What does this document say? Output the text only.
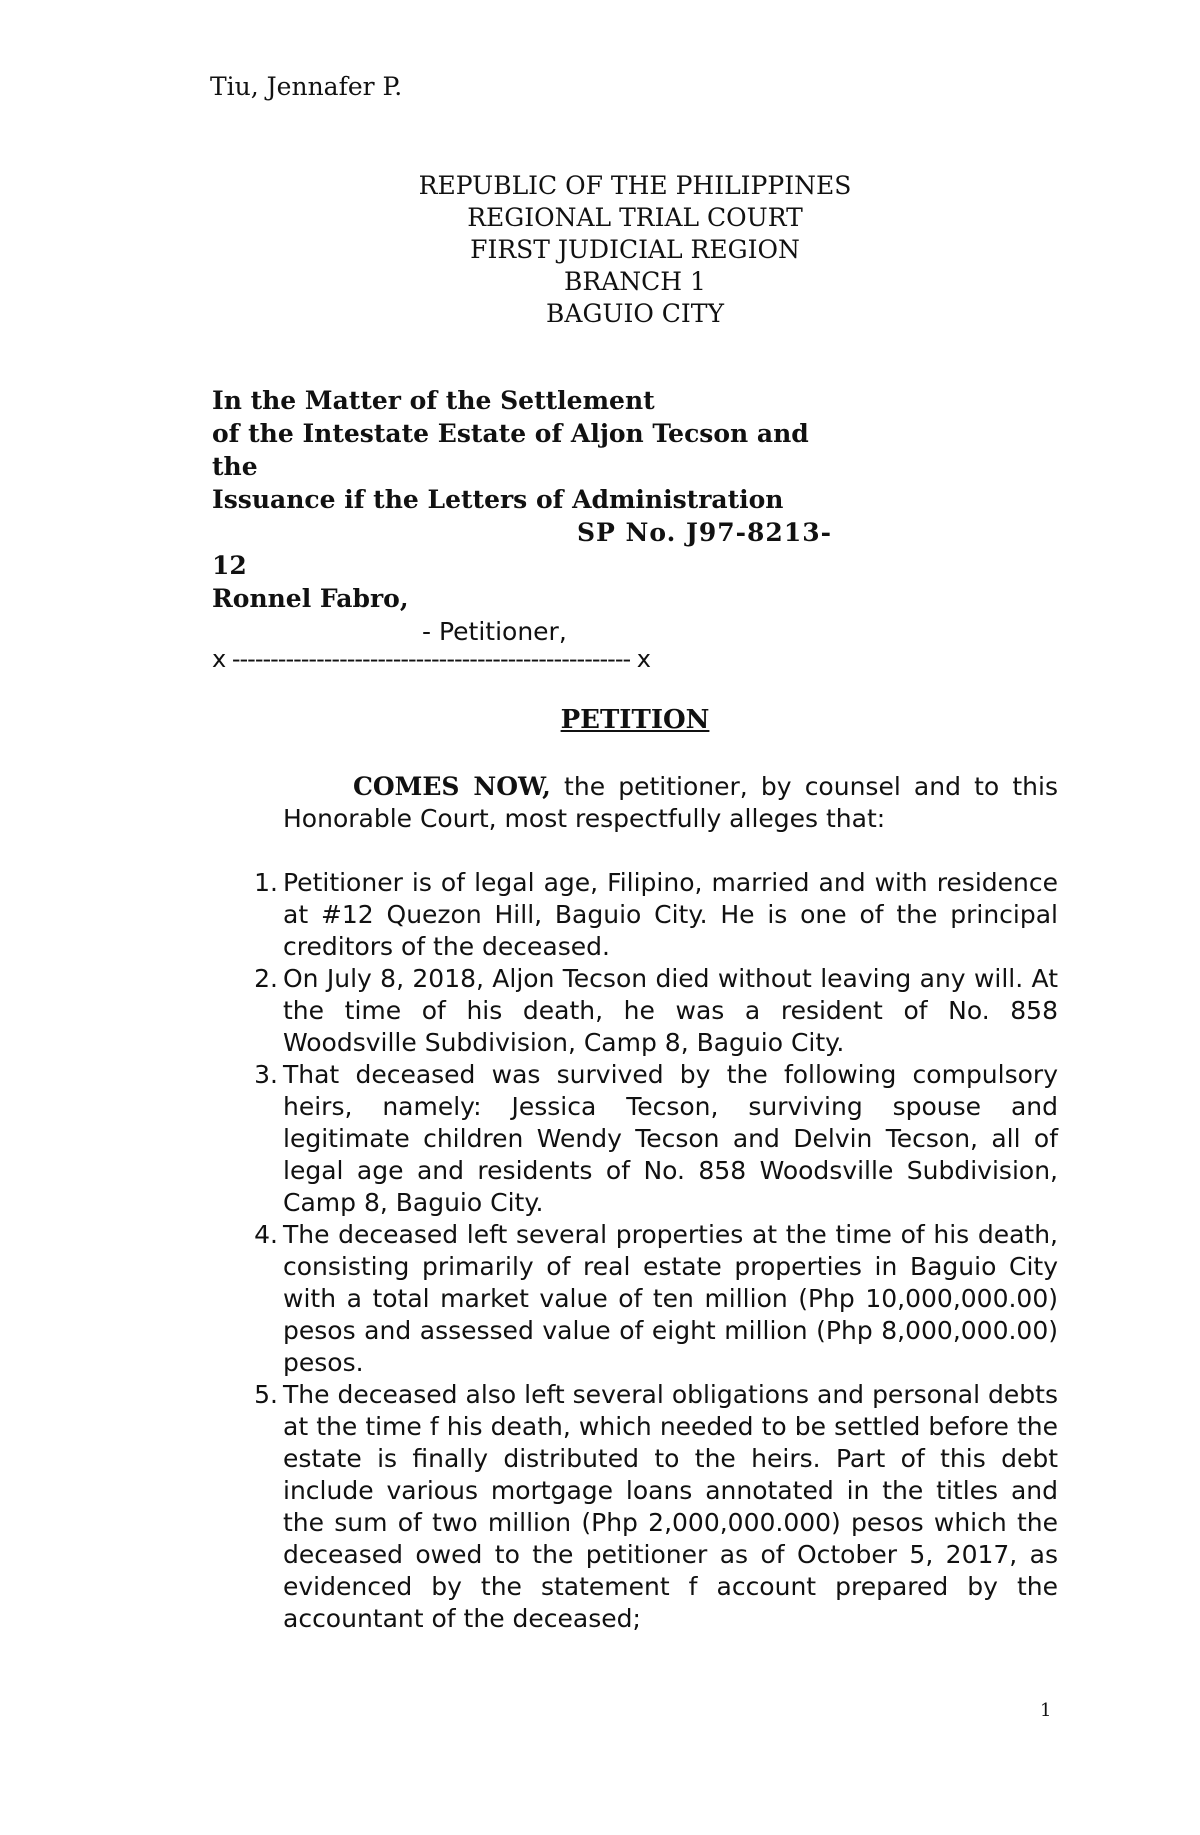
Tiu, Jennafer P.
REPUBLIC OF THE PHILIPPINES
REGIONAL TRIAL COURT
FIRST JUDICIAL REGION
BRANCH 1
BAGUIO CITY
In the Matter of the Settlement
of the Intestate Estate of Aljon Tecson and the
Issuance if the Letters of Administration
SP No. J97-8213-
12
Ronnel Fabro,
- Petitioner,
x ---------------------------------------------------- x
PETITION
COMES NOW, the petitioner, by counsel and to this Honorable Court, most respectfully alleges that:
1. Petitioner is of legal age, Filipino, married and with residence at #12 Quezon Hill, Baguio City. He is one of the principal creditors of the deceased.
2. On July 8, 2018, Aljon Tecson died without leaving any will. At the time of his death, he was a resident of No. 858 Woodsville Subdivision, Camp 8, Baguio City.
3. That deceased was survived by the following compulsory heirs, namely: Jessica Tecson, surviving spouse and legitimate children Wendy Tecson and Delvin Tecson, all of legal age and residents of No. 858 Woodsville Subdivision, Camp 8, Baguio City.
4. The deceased left several properties at the time of his death, consisting primarily of real estate properties in Baguio City with a total market value of ten million (Php 10,000,000.00) pesos and assessed value of eight million (Php 8,000,000.00) pesos.
5. The deceased also left several obligations and personal debts at the time f his death, which needed to be settled before the estate is finally distributed to the heirs. Part of this debt include various mortgage loans annotated in the titles and the sum of two million (Php 2,000,000.000) pesos which the deceased owed to the petitioner as of October 5, 2017, as evidenced by the statement f account prepared by the accountant of the deceased;
1
